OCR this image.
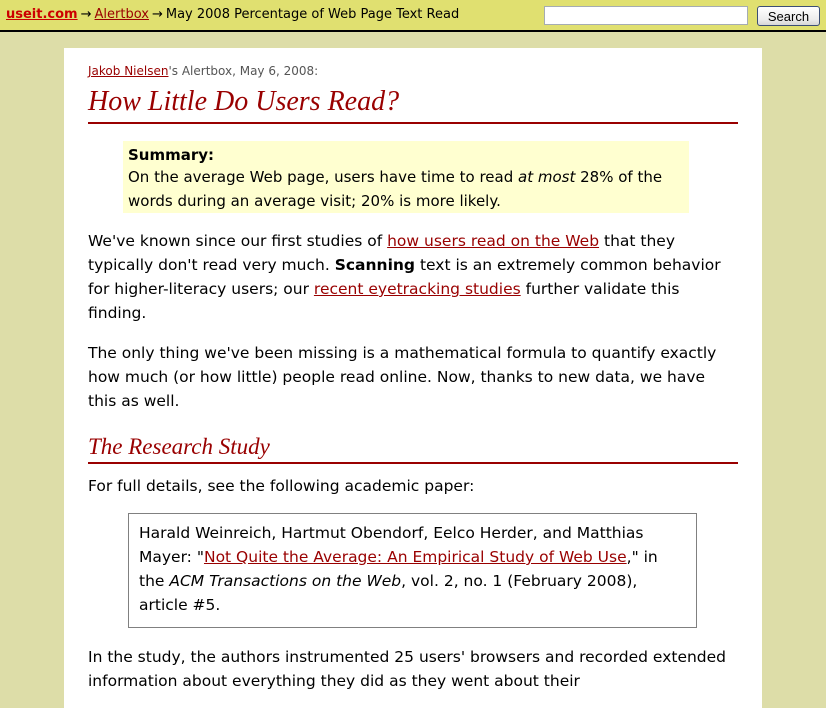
useit.com → Alertbox → May 2008 Percentage of Web Page Text Read	Search
Jakob Nielsen's Alertbox, May 6, 2008:
How Little Do Users Read?
Summary:
On the average Web page, users have time to read at most 28% of the words during an average visit; 20% is more likely.

We've known since our first studies of how users read on the Web that they typically don't read very much. Scanning text is an extremely common behavior for higher-literacy users; our recent eyetracking studies further validate this finding.

The only thing we've been missing is a mathematical formula to quantify exactly how much (or how little) people read online. Now, thanks to new data, we have this as well.

The Research Study

For full details, see the following academic paper:

Harald Weinreich, Hartmut Obendorf, Eelco Herder, and Matthias Mayer: "Not Quite the Average: An Empirical Study of Web Use," in the ACM Transactions on the Web, vol. 2, no. 1 (February 2008), article #5.

In the study, the authors instrumented 25 users' browsers and recorded extended information about everything they did as they went about their
